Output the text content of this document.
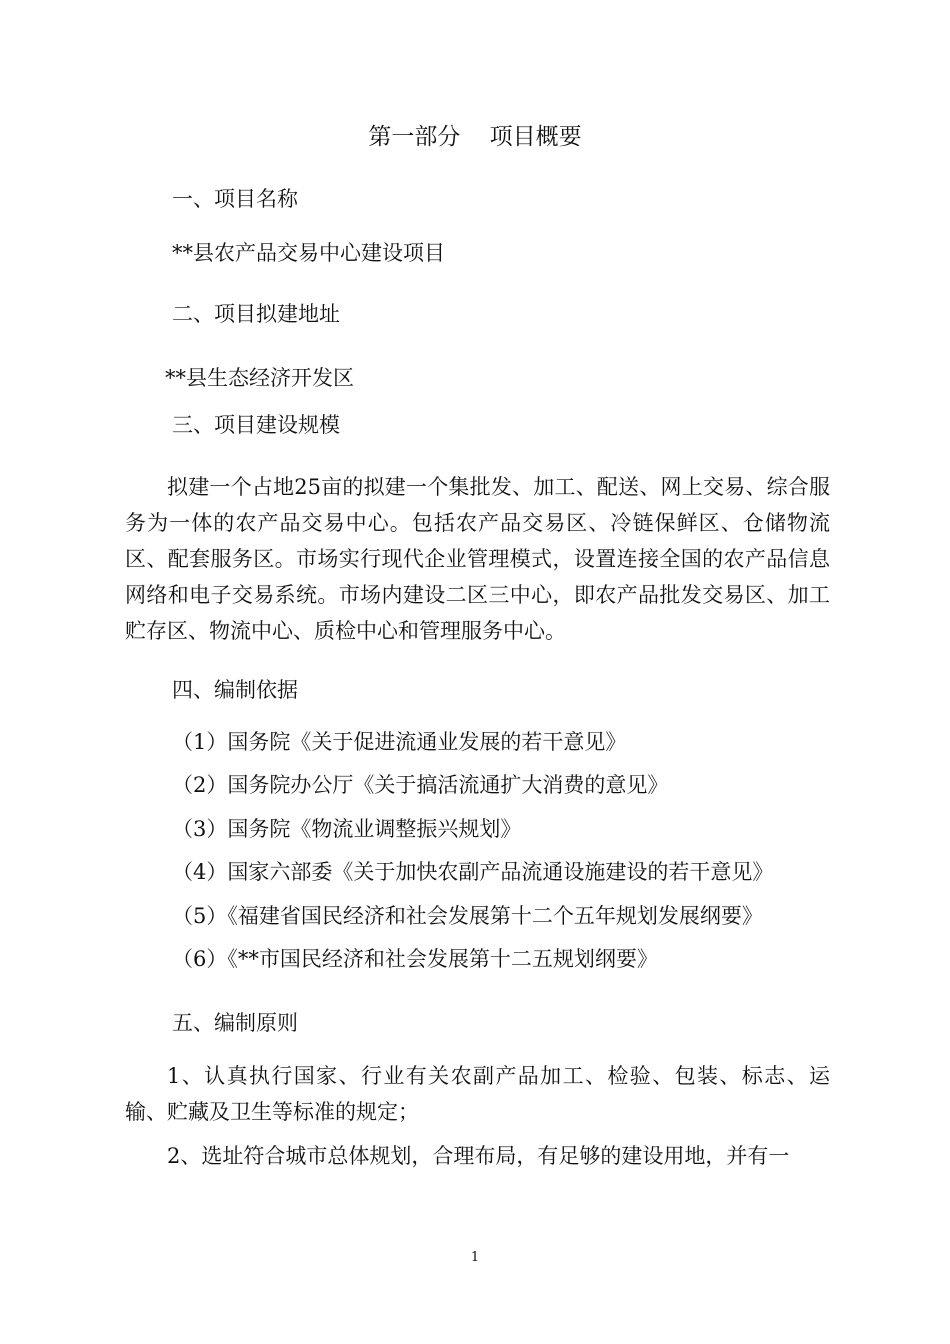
第一部分    项目概要
一、项目名称
**县农产品交易中心建设项目
二、项目拟建地址
**县生态经济开发区
三、项目建设规模
拟建一个占地25亩的拟建一个集批发、加工、配送、网上交易、综合服务为一体的农产品交易中心。包括农产品交易区、冷链保鲜区、仓储物流区、配套服务区。市场实行现代企业管理模式，设置连接全国的农产品信息网络和电子交易系统。市场内建设二区三中心，即农产品批发交易区、加工贮存区、物流中心、质检中心和管理服务中心。
四、编制依据
（1）国务院《关于促进流通业发展的若干意见》
（2）国务院办公厅《关于搞活流通扩大消费的意见》
（3）国务院《物流业调整振兴规划》
（4）国家六部委《关于加快农副产品流通设施建设的若干意见》
（5）《福建省国民经济和社会发展第十二个五年规划发展纲要》
（6）《**市国民经济和社会发展第十二五规划纲要》
五、编制原则
1、认真执行国家、行业有关农副产品加工、检验、包装、标志、运输、贮藏及卫生等标准的规定；
2、选址符合城市总体规划，合理布局，有足够的建设用地，并有一
1
